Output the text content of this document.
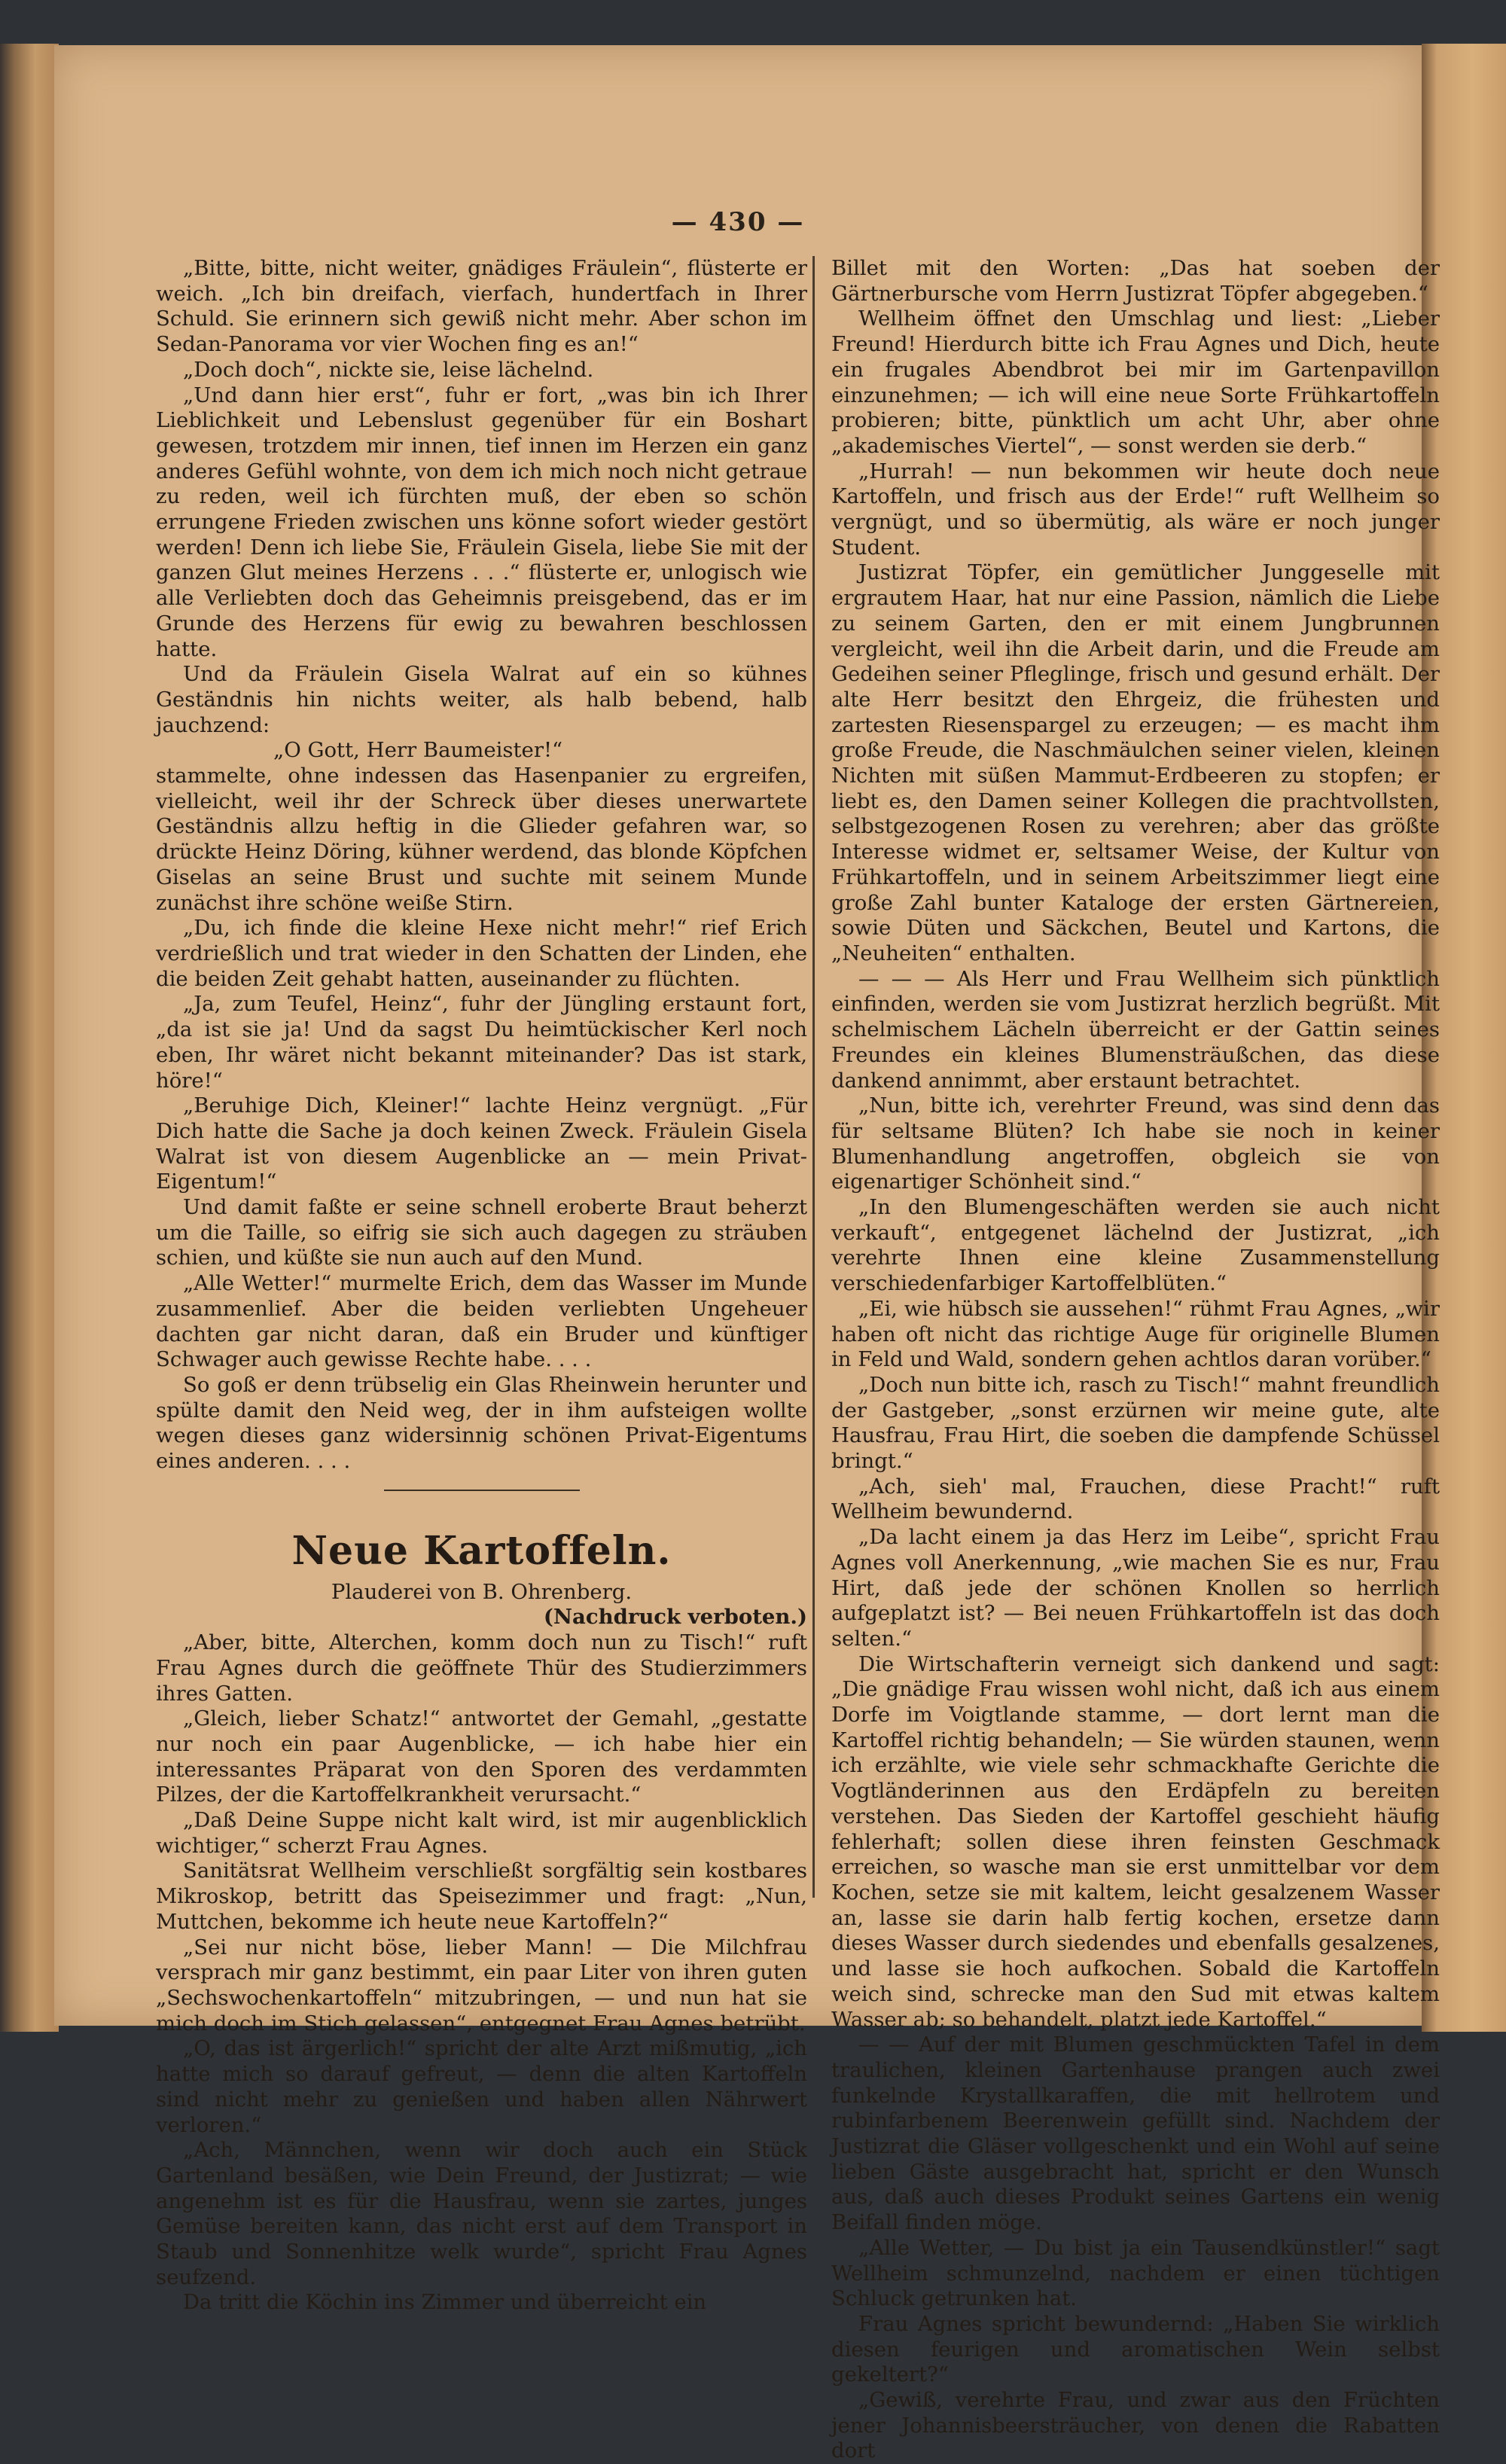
— 430 —

„Bitte, bitte, nicht weiter, gnädiges Fräulein“, flüsterte er weich. „Ich bin dreifach, vierfach, hundertfach in Ihrer Schuld. Sie erinnern sich gewiß nicht mehr. Aber schon im Sedan-Panorama vor vier Wochen fing es an!“

„Doch doch“, nickte sie, leise lächelnd.

„Und dann hier erst“, fuhr er fort, „was bin ich Ihrer Lieblichkeit und Lebenslust gegenüber für ein Boshart gewesen, trotzdem mir innen, tief innen im Herzen ein ganz anderes Gefühl wohnte, von dem ich mich noch nicht getraue zu reden, weil ich fürchten muß, der eben so schön errungene Frieden zwischen uns könne sofort wieder gestört werden! Denn ich liebe Sie, Fräulein Gisela, liebe Sie mit der ganzen Glut meines Herzens . . .“ flüsterte er, unlogisch wie alle Verliebten doch das Geheimnis preisgebend, das er im Grunde des Herzens für ewig zu bewahren beschlossen hatte.

Und da Fräulein Gisela Walrat auf ein so kühnes Geständnis hin nichts weiter, als halb bebend, halb jauchzend:

„O Gott, Herr Baumeister!“

stammelte, ohne indessen das Hasenpanier zu ergreifen, vielleicht, weil ihr der Schreck über dieses unerwartete Geständnis allzu heftig in die Glieder gefahren war, so drückte Heinz Döring, kühner werdend, das blonde Köpfchen Giselas an seine Brust und suchte mit seinem Munde zunächst ihre schöne weiße Stirn.

„Du, ich finde die kleine Hexe nicht mehr!“ rief Erich verdrießlich und trat wieder in den Schatten der Linden, ehe die beiden Zeit gehabt hatten, auseinander zu flüchten.

„Ja, zum Teufel, Heinz“, fuhr der Jüngling erstaunt fort, „da ist sie ja! Und da sagst Du heimtückischer Kerl noch eben, Ihr wäret nicht bekannt miteinander? Das ist stark, höre!“

„Beruhige Dich, Kleiner!“ lachte Heinz vergnügt. „Für Dich hatte die Sache ja doch keinen Zweck. Fräulein Gisela Walrat ist von diesem Augenblicke an — mein Privat-Eigentum!“

Und damit faßte er seine schnell eroberte Braut beherzt um die Taille, so eifrig sie sich auch dagegen zu sträuben schien, und küßte sie nun auch auf den Mund.

„Alle Wetter!“ murmelte Erich, dem das Wasser im Munde zusammenlief. Aber die beiden verliebten Ungeheuer dachten gar nicht daran, daß ein Bruder und künftiger Schwager auch gewisse Rechte habe. . . .

So goß er denn trübselig ein Glas Rheinwein herunter und spülte damit den Neid weg, der in ihm aufsteigen wollte wegen dieses ganz widersinnig schönen Privat-Eigentums eines anderen. . . .

Neue Kartoffeln.

Plauderei von B. Ohrenberg.

(Nachdruck verboten.)

„Aber, bitte, Alterchen, komm doch nun zu Tisch!“ ruft Frau Agnes durch die geöffnete Thür des Studierzimmers ihres Gatten.

„Gleich, lieber Schatz!“ antwortet der Gemahl, „gestatte nur noch ein paar Augenblicke, — ich habe hier ein interessantes Präparat von den Sporen des verdammten Pilzes, der die Kartoffelkrankheit verursacht.“

„Daß Deine Suppe nicht kalt wird, ist mir augenblicklich wichtiger,“ scherzt Frau Agnes.

Sanitätsrat Wellheim verschließt sorgfältig sein kostbares Mikroskop, betritt das Speisezimmer und fragt: „Nun, Muttchen, bekomme ich heute neue Kartoffeln?“

„Sei nur nicht böse, lieber Mann! — Die Milchfrau versprach mir ganz bestimmt, ein paar Liter von ihren guten „Sechswochenkartoffeln“ mitzubringen, — und nun hat sie mich doch im Stich gelassen“, entgegnet Frau Agnes betrübt.

„O, das ist ärgerlich!“ spricht der alte Arzt mißmutig, „ich hatte mich so darauf gefreut, — denn die alten Kartoffeln sind nicht mehr zu genießen und haben allen Nährwert verloren.“

„Ach, Männchen, wenn wir doch auch ein Stück Gartenland besäßen, wie Dein Freund, der Justizrat; — wie angenehm ist es für die Hausfrau, wenn sie zartes, junges Gemüse bereiten kann, das nicht erst auf dem Transport in Staub und Sonnenhitze welk wurde“, spricht Frau Agnes seufzend.

Da tritt die Köchin ins Zimmer und überreicht ein

Billet mit den Worten: „Das hat soeben der Gärtnerbursche vom Herrn Justizrat Töpfer abgegeben.“

Wellheim öffnet den Umschlag und liest: „Lieber Freund! Hierdurch bitte ich Frau Agnes und Dich, heute ein frugales Abendbrot bei mir im Gartenpavillon einzunehmen; — ich will eine neue Sorte Frühkartoffeln probieren; bitte, pünktlich um acht Uhr, aber ohne „akademisches Viertel“, — sonst werden sie derb.“

„Hurrah! — nun bekommen wir heute doch neue Kartoffeln, und frisch aus der Erde!“ ruft Wellheim so vergnügt, und so übermütig, als wäre er noch junger Student.

Justizrat Töpfer, ein gemütlicher Junggeselle mit ergrautem Haar, hat nur eine Passion, nämlich die Liebe zu seinem Garten, den er mit einem Jungbrunnen vergleicht, weil ihn die Arbeit darin, und die Freude am Gedeihen seiner Pfleglinge, frisch und gesund erhält. Der alte Herr besitzt den Ehrgeiz, die frühesten und zartesten Riesenspargel zu erzeugen; — es macht ihm große Freude, die Naschmäulchen seiner vielen, kleinen Nichten mit süßen Mammut-Erdbeeren zu stopfen; er liebt es, den Damen seiner Kollegen die prachtvollsten, selbstgezogenen Rosen zu verehren; aber das größte Interesse widmet er, seltsamer Weise, der Kultur von Frühkartoffeln, und in seinem Arbeitszimmer liegt eine große Zahl bunter Kataloge der ersten Gärtnereien, sowie Düten und Säckchen, Beutel und Kartons, die „Neuheiten“ enthalten.

— — — Als Herr und Frau Wellheim sich pünktlich einfinden, werden sie vom Justizrat herzlich begrüßt. Mit schelmischem Lächeln überreicht er der Gattin seines Freundes ein kleines Blumensträußchen, das diese dankend annimmt, aber erstaunt betrachtet.

„Nun, bitte ich, verehrter Freund, was sind denn das für seltsame Blüten? Ich habe sie noch in keiner Blumenhandlung angetroffen, obgleich sie von eigenartiger Schönheit sind.“

„In den Blumengeschäften werden sie auch nicht verkauft“, entgegenet lächelnd der Justizrat, „ich verehrte Ihnen eine kleine Zusammenstellung verschiedenfarbiger Kartoffelblüten.“

„Ei, wie hübsch sie aussehen!“ rühmt Frau Agnes, „wir haben oft nicht das richtige Auge für originelle Blumen in Feld und Wald, sondern gehen achtlos daran vorüber.“

„Doch nun bitte ich, rasch zu Tisch!“ mahnt freundlich der Gastgeber, „sonst erzürnen wir meine gute, alte Hausfrau, Frau Hirt, die soeben die dampfende Schüssel bringt.“

„Ach, sieh' mal, Frauchen, diese Pracht!“ ruft Wellheim bewundernd.

„Da lacht einem ja das Herz im Leibe“, spricht Frau Agnes voll Anerkennung, „wie machen Sie es nur, Frau Hirt, daß jede der schönen Knollen so herrlich aufgeplatzt ist? — Bei neuen Frühkartoffeln ist das doch selten.“

Die Wirtschafterin verneigt sich dankend und sagt: „Die gnädige Frau wissen wohl nicht, daß ich aus einem Dorfe im Voigtlande stamme, — dort lernt man die Kartoffel richtig behandeln; — Sie würden staunen, wenn ich erzählte, wie viele sehr schmackhafte Gerichte die Vogtländerinnen aus den Erdäpfeln zu bereiten verstehen. Das Sieden der Kartoffel geschieht häufig fehlerhaft; sollen diese ihren feinsten Geschmack erreichen, so wasche man sie erst unmittelbar vor dem Kochen, setze sie mit kaltem, leicht gesalzenem Wasser an, lasse sie darin halb fertig kochen, ersetze dann dieses Wasser durch siedendes und ebenfalls gesalzenes, und lasse sie hoch aufkochen. Sobald die Kartoffeln weich sind, schrecke man den Sud mit etwas kaltem Wasser ab; so behandelt, platzt jede Kartoffel.“

— — Auf der mit Blumen geschmückten Tafel in dem traulichen, kleinen Gartenhause prangen auch zwei funkelnde Krystallkaraffen, die mit hellrotem und rubinfarbenem Beerenwein gefüllt sind. Nachdem der Justizrat die Gläser vollgeschenkt und ein Wohl auf seine lieben Gäste ausgebracht hat, spricht er den Wunsch aus, daß auch dieses Produkt seines Gartens ein wenig Beifall finden möge.

„Alle Wetter, — Du bist ja ein Tausendkünstler!“ sagt Wellheim schmunzelnd, nachdem er einen tüchtigen Schluck getrunken hat.

Frau Agnes spricht bewundernd: „Haben Sie wirklich diesen feurigen und aromatischen Wein selbst gekeltert?“

„Gewiß, verehrte Frau, und zwar aus den Früchten jener Johannisbeersträucher, von denen die Rabatten dort
